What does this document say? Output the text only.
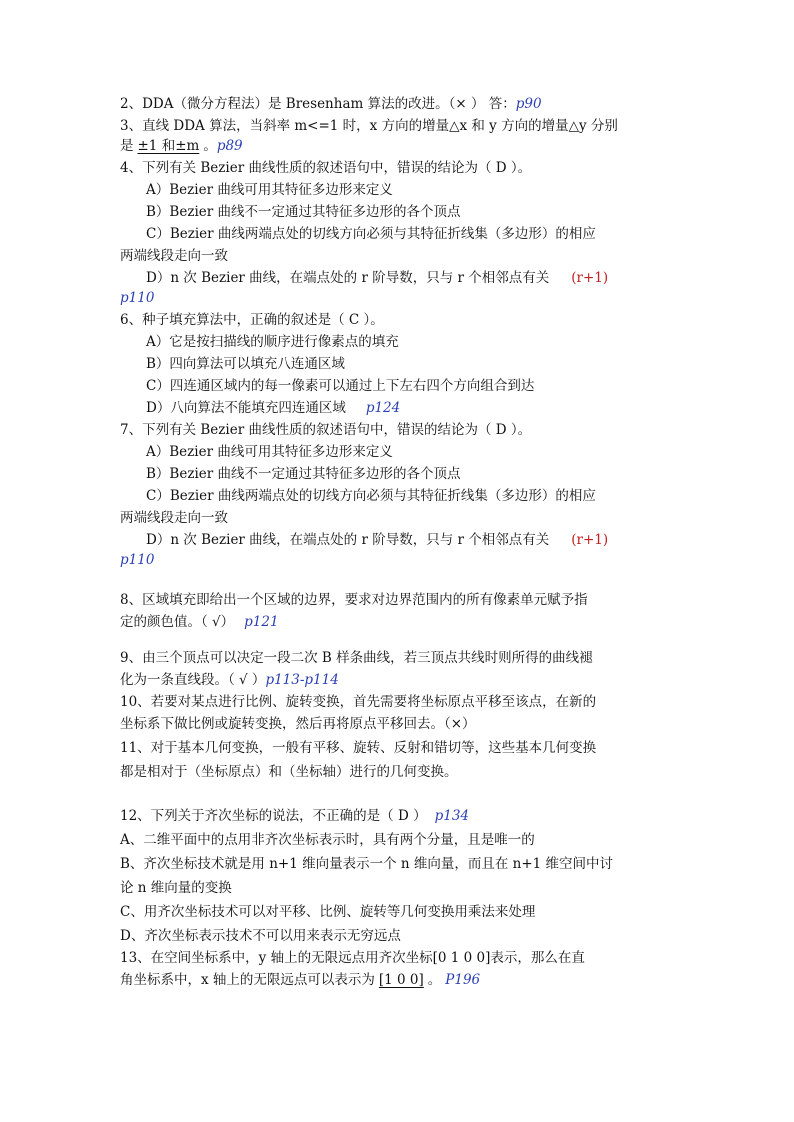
2、DDA（微分方程法）是 Bresenham 算法的改进。（× ） 答：p90
3、直线 DDA 算法，当斜率 m<=1 时，x 方向的增量△x 和 y 方向的增量△y 分别
是 ±1 和±m 。p89
4、下列有关 Bezier 曲线性质的叙述语句中，错误的结论为（ D ）。
A）Bezier 曲线可用其特征多边形来定义
B）Bezier 曲线不一定通过其特征多边形的各个顶点
C）Bezier 曲线两端点处的切线方向必须与其特征折线集（多边形）的相应
两端线段走向一致
D）n 次 Bezier 曲线，在端点处的 r 阶导数，只与 r 个相邻点有关 (r+1)
p110
6、种子填充算法中，正确的叙述是（ C ）。
A）它是按扫描线的顺序进行像素点的填充
B）四向算法可以填充八连通区域
C）四连通区域内的每一像素可以通过上下左右四个方向组合到达
D）八向算法不能填充四连通区域 p124
7、下列有关 Bezier 曲线性质的叙述语句中，错误的结论为（ D ）。
A）Bezier 曲线可用其特征多边形来定义
B）Bezier 曲线不一定通过其特征多边形的各个顶点
C）Bezier 曲线两端点处的切线方向必须与其特征折线集（多边形）的相应
两端线段走向一致
D）n 次 Bezier 曲线，在端点处的 r 阶导数，只与 r 个相邻点有关 (r+1)
p110
8、区域填充即给出一个区域的边界，要求对边界范围内的所有像素单元赋予指
定的颜色值。（ √） p121
9、由三个顶点可以决定一段二次 B 样条曲线，若三顶点共线时则所得的曲线褪
化为一条直线段。（ √ ）p113-p114
10、若要对某点进行比例、旋转变换，首先需要将坐标原点平移至该点，在新的
坐标系下做比例或旋转变换，然后再将原点平移回去。（×）
11、对于基本几何变换，一般有平移、旋转、反射和错切等，这些基本几何变换
都是相对于（坐标原点）和（坐标轴）进行的几何变换。
12、下列关于齐次坐标的说法，不正确的是（ D ） p134
A、二维平面中的点用非齐次坐标表示时，具有两个分量，且是唯一的
B、齐次坐标技术就是用 n+1 维向量表示一个 n 维向量，而且在 n+1 维空间中讨
论 n 维向量的变换
C、用齐次坐标技术可以对平移、比例、旋转等几何变换用乘法来处理
D、齐次坐标表示技术不可以用来表示无穷远点
13、在空间坐标系中，y 轴上的无限远点用齐次坐标[0 1 0 0]表示，那么在直
角坐标系中，x 轴上的无限远点可以表示为 [1 0 0] 。 P196
